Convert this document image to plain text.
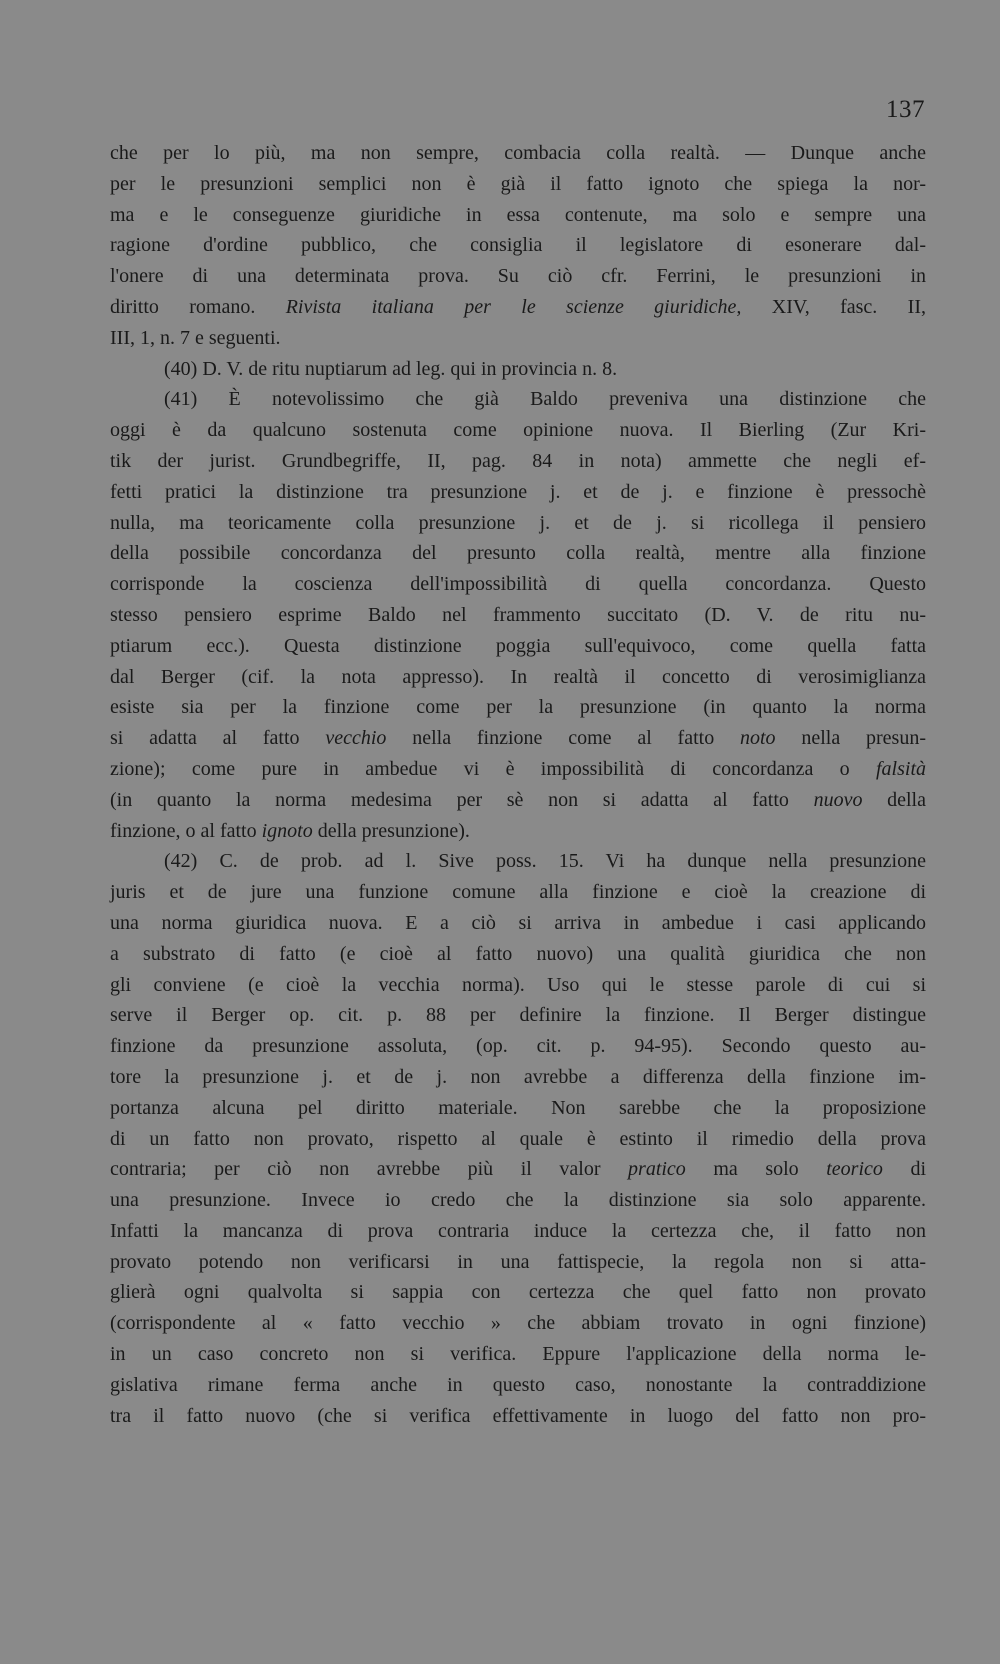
137
che per lo più, ma non sempre, combacia colla realtà. — Dunque anche
per le presunzioni semplici non è già il fatto ignoto che spiega la nor-
ma e le conseguenze giuridiche in essa contenute, ma solo e sempre una
ragione d'ordine pubblico, che consiglia il legislatore di esonerare dal-
l'onere di una determinata prova. Su ciò cfr. Ferrini, le presunzioni in
diritto romano. Rivista italiana per le scienze giuridiche, XIV, fasc. II,
III, 1, n. 7 e seguenti.
(40) D. V. de ritu nuptiarum ad leg. qui in provincia n. 8.
(41) È notevolissimo che già Baldo preveniva una distinzione che
oggi è da qualcuno sostenuta come opinione nuova. Il Bierling (Zur Kri-
tik der jurist. Grundbegriffe, II, pag. 84 in nota) ammette che negli ef-
fetti pratici la distinzione tra presunzione j. et de j. e finzione è pressochè
nulla, ma teoricamente colla presunzione j. et de j. si ricollega il pensiero
della possibile concordanza del presunto colla realtà, mentre alla finzione
corrisponde la coscienza dell'impossibilità di quella concordanza. Questo
stesso pensiero esprime Baldo nel frammento succitato (D. V. de ritu nu-
ptiarum ecc.). Questa distinzione poggia sull'equivoco, come quella fatta
dal Berger (cif. la nota appresso). In realtà il concetto di verosimiglianza
esiste sia per la finzione come per la presunzione (in quanto la norma
si adatta al fatto vecchio nella finzione come al fatto noto nella presun-
zione); come pure in ambedue vi è impossibilità di concordanza o falsità
(in quanto la norma medesima per sè non si adatta al fatto nuovo della
finzione, o al fatto ignoto della presunzione).
(42) C. de prob. ad l. Sive poss. 15. Vi ha dunque nella presunzione
juris et de jure una funzione comune alla finzione e cioè la creazione di
una norma giuridica nuova. E a ciò si arriva in ambedue i casi applicando
a substrato di fatto (e cioè al fatto nuovo) una qualità giuridica che non
gli conviene (e cioè la vecchia norma). Uso qui le stesse parole di cui si
serve il Berger op. cit. p. 88 per definire la finzione. Il Berger distingue
finzione da presunzione assoluta, (op. cit. p. 94-95). Secondo questo au-
tore la presunzione j. et de j. non avrebbe a differenza della finzione im-
portanza alcuna pel diritto materiale. Non sarebbe che la proposizione
di un fatto non provato, rispetto al quale è estinto il rimedio della prova
contraria; per ciò non avrebbe più il valor pratico ma solo teorico di
una presunzione. Invece io credo che la distinzione sia solo apparente.
Infatti la mancanza di prova contraria induce la certezza che, il fatto non
provato potendo non verificarsi in una fattispecie, la regola non si atta-
glierà ogni qualvolta si sappia con certezza che quel fatto non provato
(corrispondente al « fatto vecchio » che abbiam trovato in ogni finzione)
in un caso concreto non si verifica. Eppure l'applicazione della norma le-
gislativa rimane ferma anche in questo caso, nonostante la contraddizione
tra il fatto nuovo (che si verifica effettivamente in luogo del fatto non pro-
